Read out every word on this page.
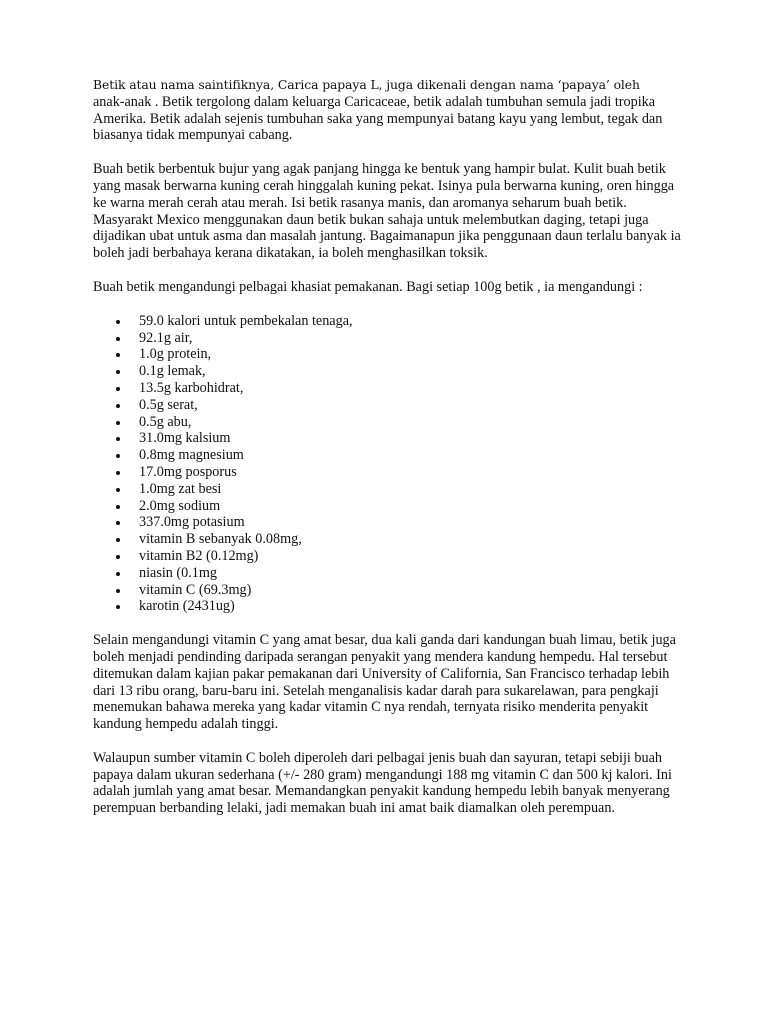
Betik atau nama saintifiknya, Carica papaya L, juga dikenali dengan nama ‘papaya’ oleh
anak-anak . Betik tergolong dalam keluarga Caricaceae, betik adalah tumbuhan semula jadi tropika Amerika. Betik adalah sejenis tumbuhan saka yang mempunyai batang kayu yang lembut, tegak dan biasanya tidak mempunyai cabang.

Buah betik berbentuk bujur yang agak panjang hingga ke bentuk yang hampir bulat. Kulit buah betik yang masak berwarna kuning cerah hinggalah kuning pekat. Isinya pula berwarna kuning, oren hingga ke warna merah cerah atau merah. Isi betik rasanya manis, dan aromanya seharum buah betik. Masyarakt Mexico menggunakan daun betik bukan sahaja untuk melembutkan daging, tetapi juga dijadikan ubat untuk asma dan masalah jantung. Bagaimanapun jika penggunaan daun terlalu banyak ia boleh jadi berbahaya kerana dikatakan, ia boleh menghasilkan toksik.

Buah betik mengandungi pelbagai khasiat pemakanan. Bagi setiap 100g betik , ia mengandungi :

59.0 kalori untuk pembekalan tenaga,
92.1g air,
1.0g protein,
0.1g lemak,
13.5g karbohidrat,
0.5g serat,
0.5g abu,
31.0mg kalsium
0.8mg magnesium
17.0mg posporus
1.0mg zat besi
2.0mg sodium
337.0mg potasium
vitamin B sebanyak 0.08mg,
vitamin B2 (0.12mg)
niasin (0.1mg
vitamin C (69.3mg)
karotin (2431ug)

Selain mengandungi vitamin C yang amat besar, dua kali ganda dari kandungan buah limau, betik juga boleh menjadi pendinding daripada serangan penyakit yang mendera kandung hempedu. Hal tersebut ditemukan dalam kajian pakar pemakanan dari University of California, San Francisco terhadap lebih dari 13 ribu orang, baru-baru ini. Setelah menganalisis kadar darah para sukarelawan, para pengkaji menemukan bahawa mereka yang kadar vitamin C nya rendah, ternyata risiko menderita penyakit kandung hempedu adalah tinggi.

Walaupun sumber vitamin C boleh diperoleh dari pelbagai jenis buah dan sayuran, tetapi sebiji buah papaya dalam ukuran sederhana (+/- 280 gram) mengandungi 188 mg vitamin C dan 500 kj kalori. Ini adalah jumlah yang amat besar. Memandangkan penyakit kandung hempedu lebih banyak menyerang perempuan berbanding lelaki, jadi memakan buah ini amat baik diamalkan oleh perempuan.
